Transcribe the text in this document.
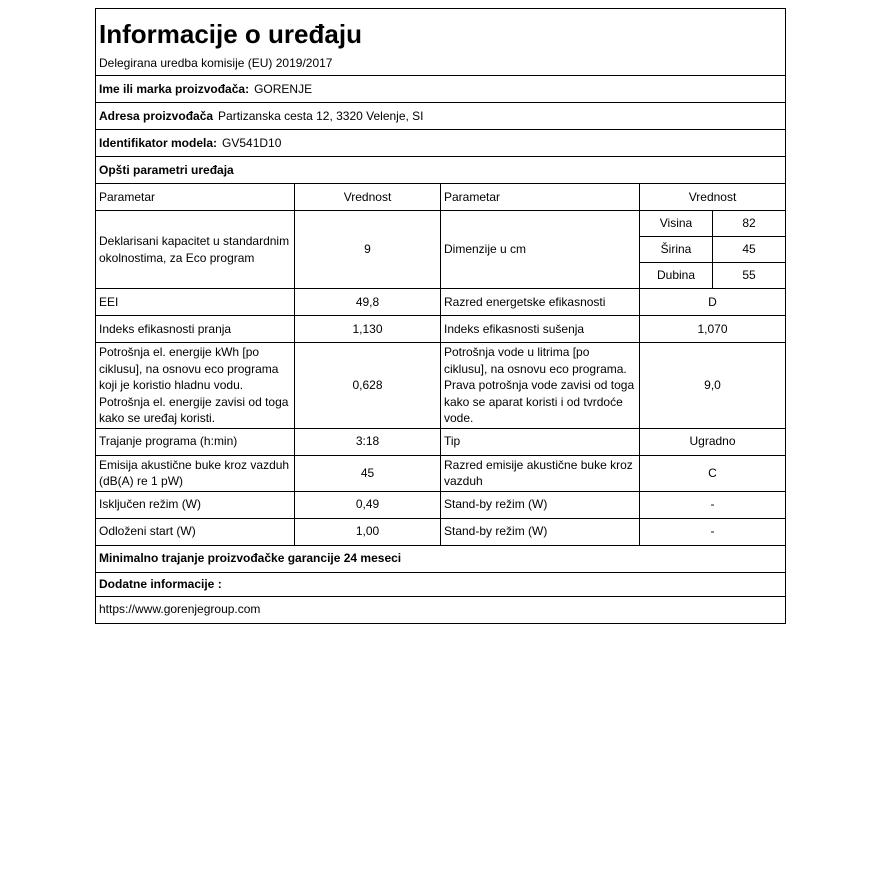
Informacije o uređaju				
Delegirana uredba komisije (EU) 2019/2017				
Ime ili marka proizvođača: GORENJE				
Adresa proizvođača Partizanska cesta 12, 3320 Velenje, SI				
Identifikator modela: GV541D10				
Opšti parametri uređaja				
Parametar	Vrednost	Parametar	Vrednost	
Deklarisani kapacitet u standardnim okolnostima, za Eco program	9	Dimenzije u cm	Visina	82
			Širina	45
			Dubina	55
EEI	49,8	Razred energetske efikasnosti	D	
Indeks efikasnosti pranja	1,130	Indeks efikasnosti sušenja	1,070	
Potrošnja el. energije kWh [po ciklusu], na osnovu eco programa koji je koristio hladnu vodu. Potrošnja el. energije zavisi od toga kako se uređaj koristi.	0,628	Potrošnja vode u litrima [po ciklusu], na osnovu eco programa. Prava potrošnja vode zavisi od toga kako se aparat koristi i od tvrdoće vode.	9,0	
Trajanje programa (h:min)	3:18	Tip	Ugradno	
Emisija akustične buke kroz vazduh (dB(A) re 1 pW)	45	Razred emisije akustične buke kroz vazduh	C	
Isključen režim (W)	0,49	Stand-by režim (W)	-	
Odloženi start (W)	1,00	Stand-by režim (W)	-	
Minimalno trajanje proizvođačke garancije 24 meseci				
Dodatne informacije :				
https://www.gorenjegroup.com				
